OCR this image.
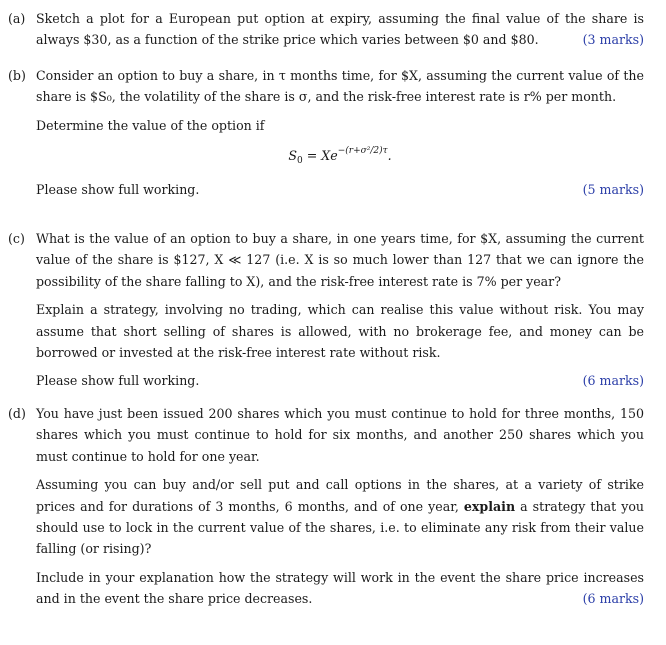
(a) Sketch a plot for a European put option at expiry, assuming the final value of the share is always $30, as a function of the strike price which varies between $0 and $80.	(3 marks)

(b) Consider an option to buy a share, in τ months time, for $X, assuming the current value of the share is $S₀, the volatility of the share is σ, and the risk-free interest rate is r% per month.

Determine the value of the option if

$S_0 = Xe^{-(r+\sigma^2/2)\tau}$.

Please show full working.	(5 marks)

(c) What is the value of an option to buy a share, in one years time, for $X, assuming the current value of the share is $127, X ≪ 127 (i.e. X is so much lower than 127 that we can ignore the possibility of the share falling to X), and the risk-free interest rate is 7% per year?

Explain a strategy, involving no trading, which can realise this value without risk. You may assume that short selling of shares is allowed, with no brokerage fee, and money can be borrowed or invested at the risk-free interest rate without risk.

Please show full working.	(6 marks)

(d) You have just been issued 200 shares which you must continue to hold for three months, 150 shares which you must continue to hold for six months, and another 250 shares which you must continue to hold for one year.

Assuming you can buy and/or sell put and call options in the shares, at a variety of strike prices and for durations of 3 months, 6 months, and of one year, explain a strategy that you should use to lock in the current value of the shares, i.e. to eliminate any risk from their value falling (or rising)?

Include in your explanation how the strategy will work in the event the share price increases and in the event the share price decreases.	(6 marks)
